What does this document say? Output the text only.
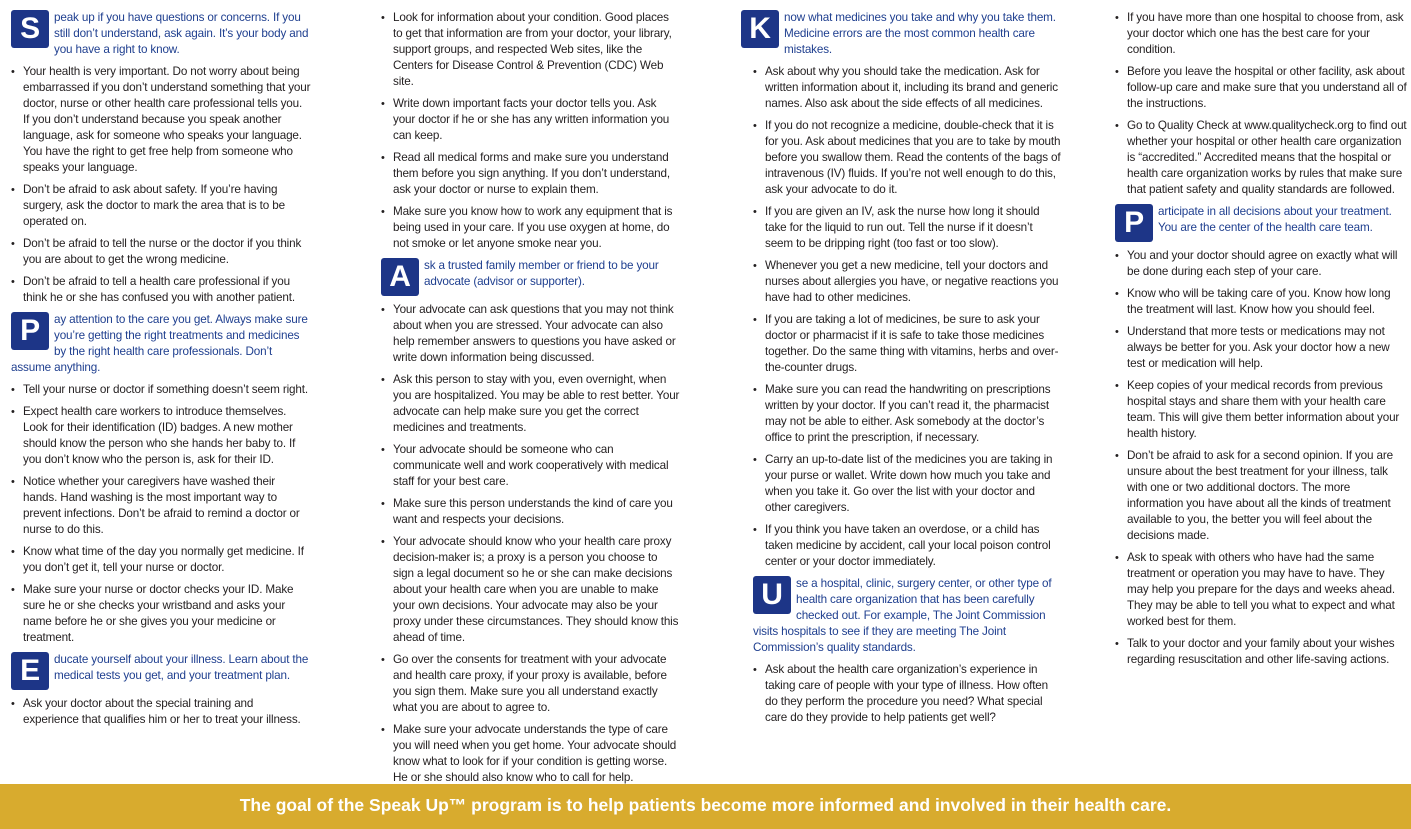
S	peak up if you have questions or concerns. If you still don’t understand, ask again. It’s your body and you have a right to know.
• Your health is very important. Do not worry about being embarrassed if you don’t understand something that your doctor, nurse or other health care professional tells you. If you don’t understand because you speak another language, ask for someone who speaks your language. You have the right to get free help from someone who speaks your language.
• Don’t be afraid to ask about safety. If you’re having surgery, ask the doctor to mark the area that is to be operated on.
• Don’t be afraid to tell the nurse or the doctor if you think you are about to get the wrong medicine.
• Don’t be afraid to tell a health care professional if you think he or she has confused you with another patient.
P	ay attention to the care you get. Always make sure you’re getting the right treatments and medicines by the right health care professionals. Don’t assume anything.
• Tell your nurse or doctor if something doesn’t seem right.
• Expect health care workers to introduce themselves. Look for their identification (ID) badges. A new mother should know the person who she hands her baby to. If you don’t know who the person is, ask for their ID.
• Notice whether your caregivers have washed their hands. Hand washing is the most important way to prevent infections. Don’t be afraid to remind a doctor or nurse to do this.
• Know what time of the day you normally get medicine. If you don’t get it, tell your nurse or doctor.
• Make sure your nurse or doctor checks your ID. Make sure he or she checks your wristband and asks your name before he or she gives you your medicine or treatment.
E	ducate yourself about your illness. Learn about the medical tests you get, and your treatment plan.
• Ask your doctor about the special training and experience that qualifies him or her to treat your illness.
• Look for information about your condition. Good places to get that information are from your doctor, your library, support groups, and respected Web sites, like the Centers for Disease Control & Prevention (CDC) Web site.
• Write down important facts your doctor tells you. Ask your doctor if he or she has any written information you can keep.
• Read all medical forms and make sure you understand them before you sign anything. If you don’t understand, ask your doctor or nurse to explain them.
• Make sure you know how to work any equipment that is being used in your care. If you use oxygen at home, do not smoke or let anyone smoke near you.
A	sk a trusted family member or friend to be your advocate (advisor or supporter).
• Your advocate can ask questions that you may not think about when you are stressed. Your advocate can also help remember answers to questions you have asked or write down information being discussed.
• Ask this person to stay with you, even overnight, when you are hospitalized. You may be able to rest better. Your advocate can help make sure you get the correct medicines and treatments.
• Your advocate should be someone who can communicate well and work cooperatively with medical staff for your best care.
• Make sure this person understands the kind of care you want and respects your decisions.
• Your advocate should know who your health care proxy decision-maker is; a proxy is a person you choose to sign a legal document so he or she can make decisions about your health care when you are unable to make your own decisions. Your advocate may also be your proxy under these circumstances. They should know this ahead of time.
• Go over the consents for treatment with your advocate and health care proxy, if your proxy is available, before you sign them. Make sure you all understand exactly what you are about to agree to.
• Make sure your advocate understands the type of care you will need when you get home. Your advocate should know what to look for if your condition is getting worse. He or she should also know who to call for help.
K	now what medicines you take and why you take them. Medicine errors are the most common health care mistakes.
• Ask about why you should take the medication. Ask for written information about it, including its brand and generic names. Also ask about the side effects of all medicines.
• If you do not recognize a medicine, double-check that it is for you. Ask about medicines that you are to take by mouth before you swallow them. Read the contents of the bags of intravenous (IV) fluids. If you’re not well enough to do this, ask your advocate to do it.
• If you are given an IV, ask the nurse how long it should take for the liquid to run out. Tell the nurse if it doesn’t seem to be dripping right (too fast or too slow).
• Whenever you get a new medicine, tell your doctors and nurses about allergies you have, or negative reactions you have had to other medicines.
• If you are taking a lot of medicines, be sure to ask your doctor or pharmacist if it is safe to take those medicines together. Do the same thing with vitamins, herbs and over-the-counter drugs.
• Make sure you can read the handwriting on prescriptions written by your doctor. If you can’t read it, the pharmacist may not be able to either. Ask somebody at the doctor’s office to print the prescription, if necessary.
• Carry an up-to-date list of the medicines you are taking in your purse or wallet. Write down how much you take and when you take it. Go over the list with your doctor and other caregivers.
• If you think you have taken an overdose, or a child has taken medicine by accident, call your local poison control center or your doctor immediately.
U	se a hospital, clinic, surgery center, or other type of health care organization that has been carefully checked out. For example, The Joint Commission visits hospitals to see if they are meeting The Joint Commission’s quality standards.
• Ask about the health care organization’s experience in taking care of people with your type of illness. How often do they perform the procedure you need? What special care do they provide to help patients get well?
• If you have more than one hospital to choose from, ask your doctor which one has the best care for your condition.
• Before you leave the hospital or other facility, ask about follow-up care and make sure that you understand all of the instructions.
• Go to Quality Check at www.qualitycheck.org to find out whether your hospital or other health care organization is “accredited.” Accredited means that the hospital or health care organization works by rules that make sure that patient safety and quality standards are followed.
P	articipate in all decisions about your treatment. You are the center of the health care team.
• You and your doctor should agree on exactly what will be done during each step of your care.
• Know who will be taking care of you. Know how long the treatment will last. Know how you should feel.
• Understand that more tests or medications may not always be better for you. Ask your doctor how a new test or medication will help.
• Keep copies of your medical records from previous hospital stays and share them with your health care team. This will give them better information about your health history.
• Don’t be afraid to ask for a second opinion. If you are unsure about the best treatment for your illness, talk with one or two additional doctors. The more information you have about all the kinds of treatment available to you, the better you will feel about the decisions made.
• Ask to speak with others who have had the same treatment or operation you may have to have. They may help you prepare for the days and weeks ahead. They may be able to tell you what to expect and what worked best for them.
• Talk to your doctor and your family about your wishes regarding resuscitation and other life-saving actions.
The goal of the Speak Up™ program is to help patients become more informed and involved in their health care.
